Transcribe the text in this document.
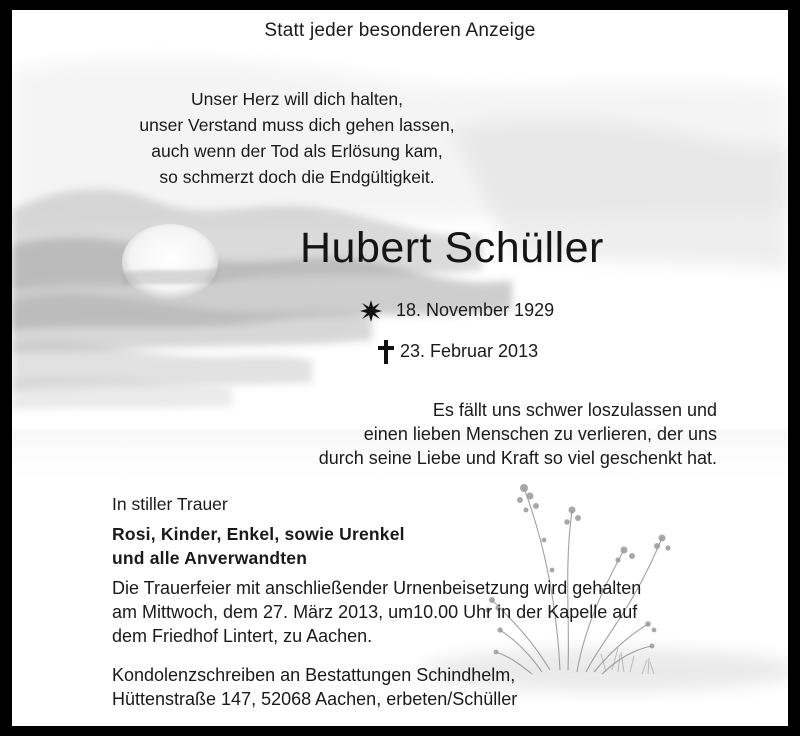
Statt jeder besonderen Anzeige
Unser Herz will dich halten,
unser Verstand muss dich gehen lassen,
auch wenn der Tod als Erlösung kam,
so schmerzt doch die Endgültigkeit.
Hubert Schüller
18. November 1929
23. Februar 2013
Es fällt uns schwer loszulassen und
einen lieben Menschen zu verlieren, der uns
durch seine Liebe und Kraft so viel geschenkt hat.
In stiller Trauer
Rosi, Kinder, Enkel, sowie Urenkel
und alle Anverwandten
Die Trauerfeier mit anschließender Urnenbeisetzung wird gehalten
am Mittwoch, dem 27. März 2013, um10.00 Uhr in der Kapelle auf
dem Friedhof Lintert, zu Aachen.
Kondolenzschreiben an Bestattungen Schindhelm,
Hüttenstraße 147, 52068 Aachen, erbeten/Schüller
